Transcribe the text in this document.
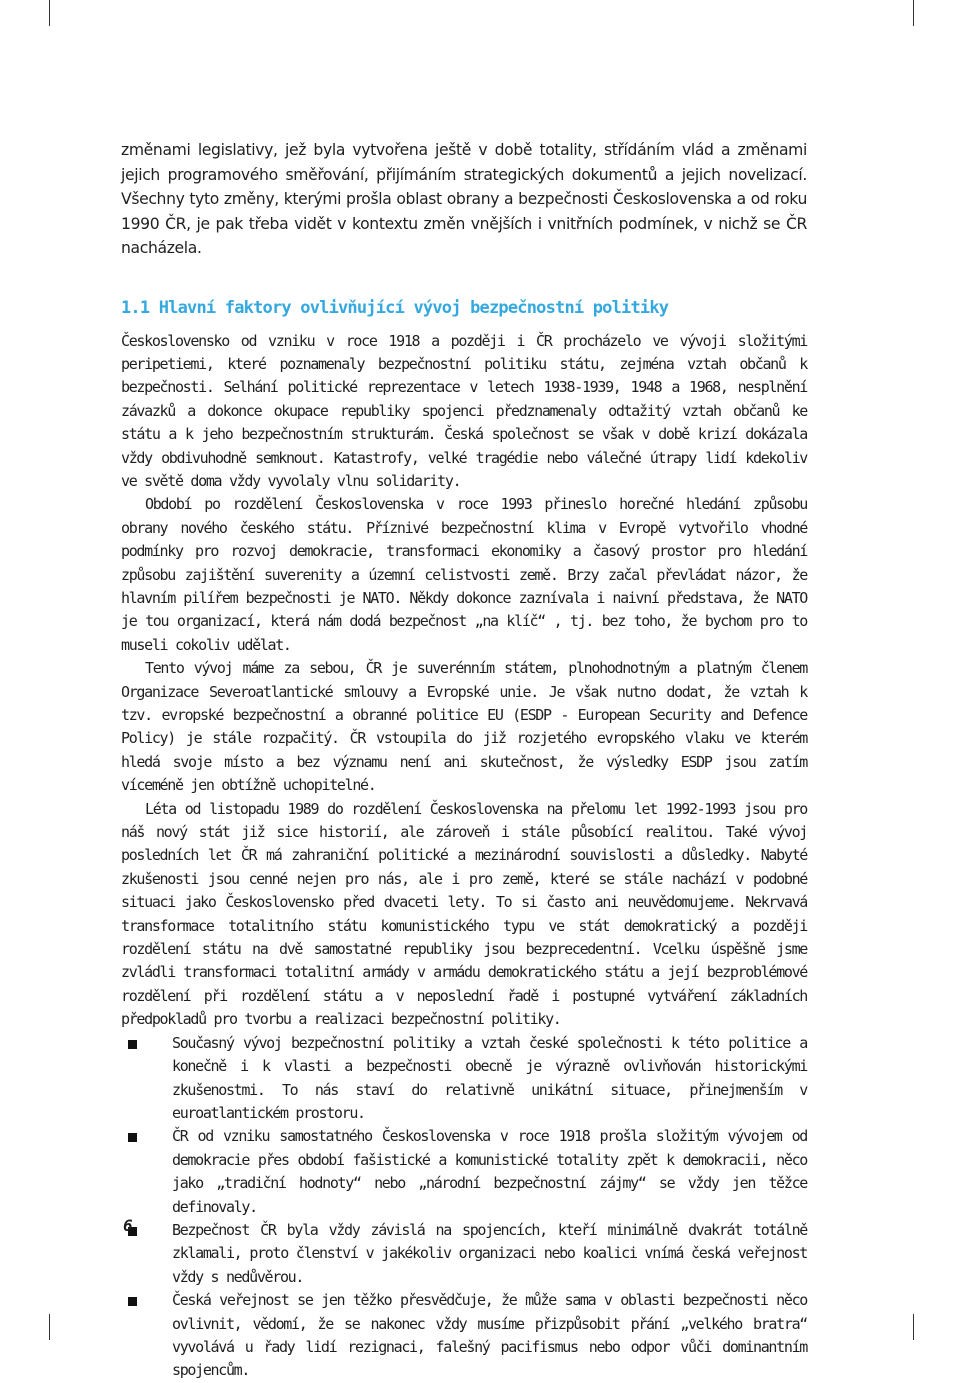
změnami legislativy, jež byla vytvořena ještě v době totality, střídáním vlád a změnami jejich programového směřování, přijímáním strategických dokumentů a jejich novelizací. Všechny tyto změny, kterými prošla oblast obrany a bezpečnosti Československa a od roku 1990 ČR, je pak třeba vidět v kontextu změn vnějších i vnitřních podmínek, v nichž se ČR nacházela.

1.1 Hlavní faktory ovlivňující vývoj bezpečnostní politiky

Československo od vzniku v roce 1918 a později i ČR procházelo ve vývoji složitými peripetiemi, které poznamenaly bezpečnostní politiku státu, zejména vztah občanů k bezpečnosti. Selhání politické reprezentace v letech 1938-1939, 1948 a 1968, nesplnění závazků a dokonce okupace republiky spojenci předznamenaly odtažitý vztah občanů ke státu a k jeho bezpečnostním strukturám. Česká společnost se však v době krizí dokázala vždy obdivuhodně semknout. Katastrofy, velké tragédie nebo válečné útrapy lidí kdekoliv ve světě doma vždy vyvolaly vlnu solidarity.

Období po rozdělení Československa v roce 1993 přineslo horečné hledání způsobu obrany nového českého státu. Příznivé bezpečnostní klima v Evropě vytvořilo vhodné podmínky pro rozvoj demokracie, transformaci ekonomiky a časový prostor pro hledání způsobu zajištění suverenity a územní celistvosti země. Brzy začal převládat názor, že hlavním pilířem bezpečnosti je NATO. Někdy dokonce zaznívala i naivní představa, že NATO je tou organizací, která nám dodá bezpečnost „na klíč“ , tj. bez toho, že bychom pro to museli cokoliv udělat.

Tento vývoj máme za sebou, ČR je suverénním státem, plnohodnotným a platným členem Organizace Severoatlantické smlouvy a Evropské unie. Je však nutno dodat, že vztah k tzv. evropské bezpečnostní a obranné politice EU (ESDP - European Security and Defence Policy) je stále rozpačitý. ČR vstoupila do již rozjetého evropského vlaku ve kterém hledá svoje místo a bez významu není ani skutečnost, že výsledky ESDP jsou zatím víceméně jen obtížně uchopitelné.

Léta od listopadu 1989 do rozdělení Československa na přelomu let 1992-1993 jsou pro náš nový stát již sice historií, ale zároveň i stále působící realitou. Také vývoj posledních let ČR má zahraniční politické a mezinárodní souvislosti a důsledky. Nabyté zkušenosti jsou cenné nejen pro nás, ale i pro země, které se stále nachází v podobné situaci jako Československo před dvaceti lety. To si často ani neuvědomujeme. Nekrvavá transformace totalitního státu komunistického typu ve stát demokratický a později rozdělení státu na dvě samostatné republiky jsou bezprecedentní. Vcelku úspěšně jsme zvládli transformaci totalitní armády v armádu demokratického státu a její bezproblémové rozdělení při rozdělení státu a v neposlední řadě i postupné vytváření základních předpokladů pro tvorbu a realizaci bezpečnostní politiky.

Současný vývoj bezpečnostní politiky a vztah české společnosti k této politice a konečně i k vlasti a bezpečnosti obecně je výrazně ovlivňován historickými zkušenostmi. To nás staví do relativně unikátní situace, přinejmenším v euroatlantickém prostoru.
ČR od vzniku samostatného Československa v roce 1918 prošla složitým vývojem od demokracie přes období fašistické a komunistické totality zpět k demokracii, něco jako „tradiční hodnoty“ nebo „národní bezpečnostní zájmy“ se vždy jen těžce definovaly.
Bezpečnost ČR byla vždy závislá na spojencích, kteří minimálně dvakrát totálně zklamali, proto členství v jakékoliv organizaci nebo koalici vnímá česká veřejnost vždy s nedůvěrou.
Česká veřejnost se jen těžko přesvědčuje, že může sama v oblasti bezpečnosti něco ovlivnit, vědomí, že se nakonec vždy musíme přizpůsobit přání „velkého bratra“ vyvolává u řady lidí rezignaci, falešný pacifismus nebo odpor vůči dominantním spojencům.
6
